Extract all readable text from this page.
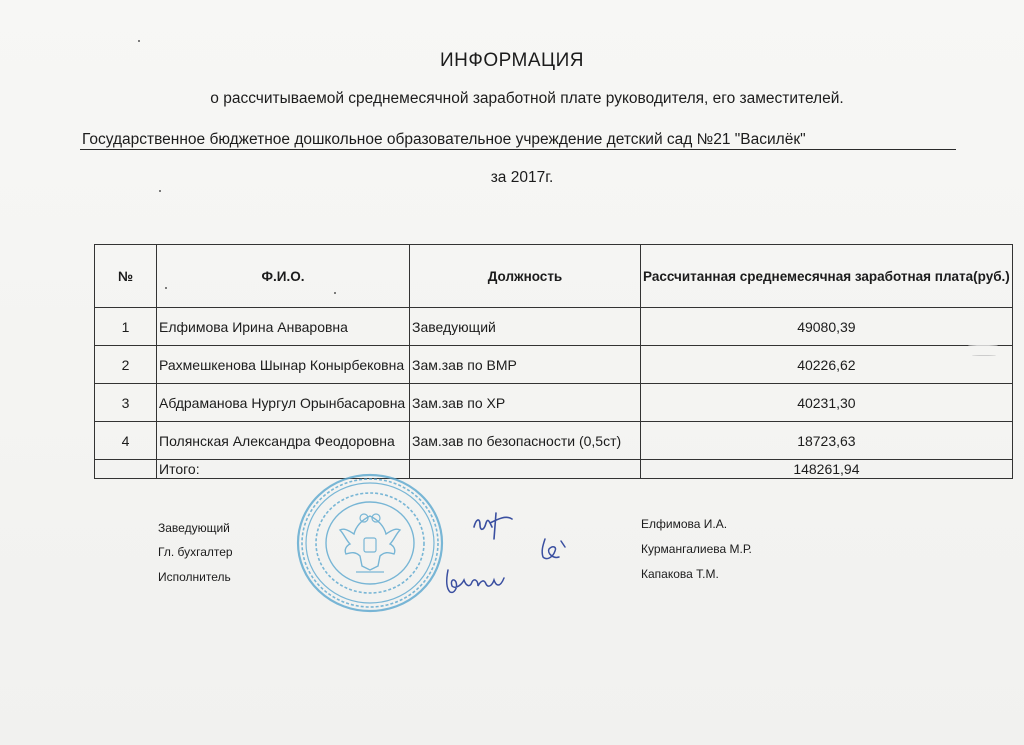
ИНФОРМАЦИЯ
о рассчитываемой среднемесячной заработной плате руководителя, его заместителей.
Государственное бюджетное дошкольное образовательное учреждение детский сад №21 "Василёк"
за 2017г.
№	Ф.И.О.	Должность	Рассчитанная среднемесячная заработная плата(руб.)
1	Елфимова Ирина Анваровна	Заведующий	49080,39
2	Рахмешкенова Шынар Конырбековна	Зам.зав по ВМР	40226,62
3	Абдраманова Нургул Орынбасаровна	Зам.зав по ХР	40231,30
4	Полянская Александра Феодоровна	Зам.зав по безопасности (0,5ст)	18723,63
	Итого:		148261,94
Заведующий
Гл. бухгалтер
Исполнитель
Елфимова И.А.
Курмангалиева М.Р.
Капакова Т.М.
